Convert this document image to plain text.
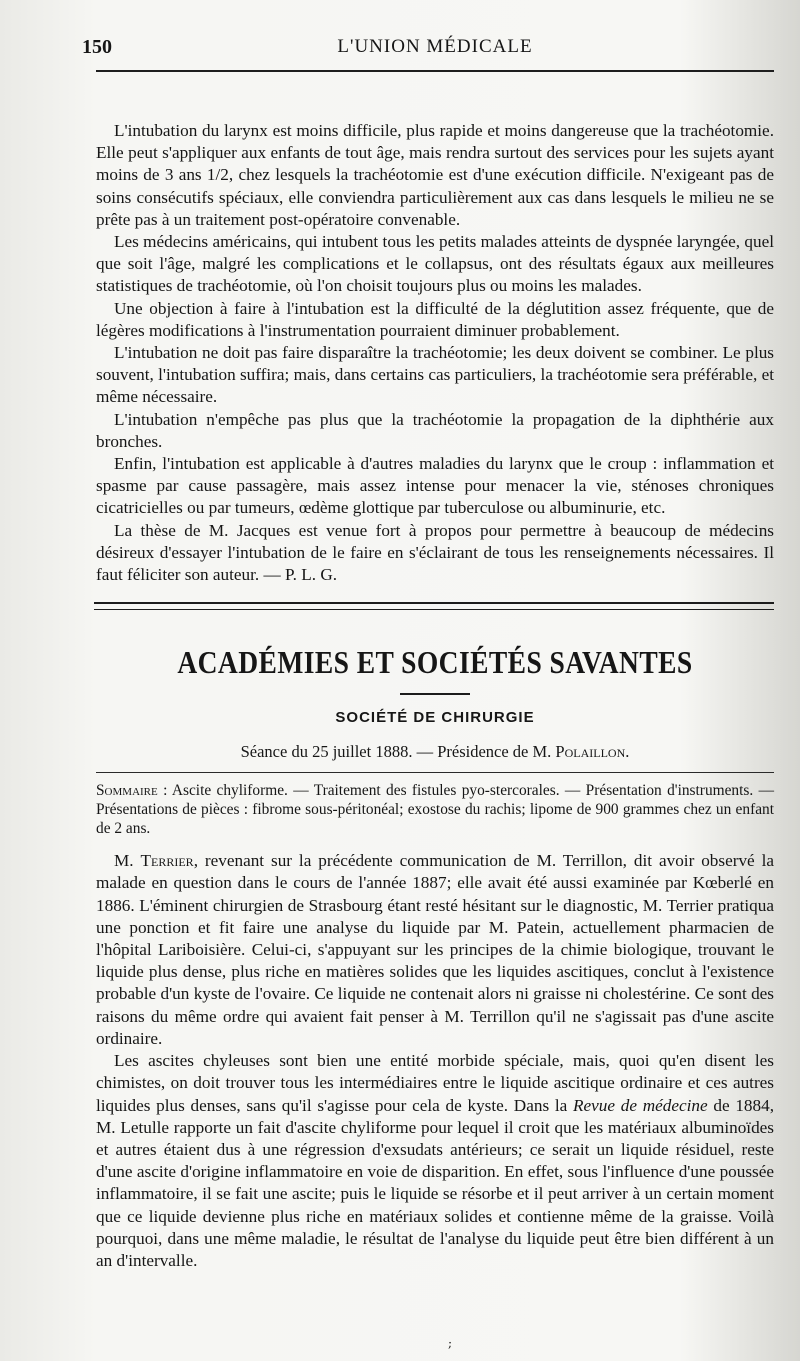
150	L'UNION MÉDICALE

L'intubation du larynx est moins difficile, plus rapide et moins dangereuse que la trachéotomie. Elle peut s'appliquer aux enfants de tout âge, mais rendra surtout des services pour les sujets ayant moins de 3 ans 1/2, chez lesquels la trachéotomie est d'une exécution difficile. N'exigeant pas de soins consécutifs spéciaux, elle conviendra particulièrement aux cas dans lesquels le milieu ne se prête pas à un traitement post-opératoire convenable.

Les médecins américains, qui intubent tous les petits malades atteints de dyspnée laryngée, quel que soit l'âge, malgré les complications et le collapsus, ont des résultats égaux aux meilleures statistiques de trachéotomie, où l'on choisit toujours plus ou moins les malades.

Une objection à faire à l'intubation est la difficulté de la déglutition assez fréquente, que de légères modifications à l'instrumentation pourraient diminuer probablement.

L'intubation ne doit pas faire disparaître la trachéotomie; les deux doivent se combiner. Le plus souvent, l'intubation suffira; mais, dans certains cas particuliers, la trachéotomie sera préférable, et même nécessaire.

L'intubation n'empêche pas plus que la trachéotomie la propagation de la diphthérie aux bronches.

Enfin, l'intubation est applicable à d'autres maladies du larynx que le croup : inflammation et spasme par cause passagère, mais assez intense pour menacer la vie, sténoses chroniques cicatricielles ou par tumeurs, œdème glottique par tuberculose ou albuminurie, etc.

La thèse de M. Jacques est venue fort à propos pour permettre à beaucoup de médecins désireux d'essayer l'intubation de le faire en s'éclairant de tous les renseignements nécessaires. Il faut féliciter son auteur. — P. L. G.

ACADÉMIES ET SOCIÉTÉS SAVANTES
SOCIÉTÉ DE CHIRURGIE
Séance du 25 juillet 1888. — Présidence de M. Polaillon.
Sommaire : Ascite chyliforme. — Traitement des fistules pyo-stercorales. — Présentation d'instruments. — Présentations de pièces : fibrome sous-péritonéal; exostose du rachis; lipome de 900 grammes chez un enfant de 2 ans.

M. Terrier, revenant sur la précédente communication de M. Terrillon, dit avoir observé la malade en question dans le cours de l'année 1887; elle avait été aussi examinée par Kœberlé en 1886. L'éminent chirurgien de Strasbourg étant resté hésitant sur le diagnostic, M. Terrier pratiqua une ponction et fit faire une analyse du liquide par M. Patein, actuellement pharmacien de l'hôpital Lariboisière. Celui-ci, s'appuyant sur les principes de la chimie biologique, trouvant le liquide plus dense, plus riche en matières solides que les liquides ascitiques, conclut à l'existence probable d'un kyste de l'ovaire. Ce liquide ne contenait alors ni graisse ni cholestérine. Ce sont des raisons du même ordre qui avaient fait penser à M. Terrillon qu'il ne s'agissait pas d'une ascite ordinaire.

Les ascites chyleuses sont bien une entité morbide spéciale, mais, quoi qu'en disent les chimistes, on doit trouver tous les intermédiaires entre le liquide ascitique ordinaire et ces autres liquides plus denses, sans qu'il s'agisse pour cela de kyste. Dans la Revue de médecine de 1884, M. Letulle rapporte un fait d'ascite chyliforme pour lequel il croit que les matériaux albuminoïdes et autres étaient dus à une régression d'exsudats antérieurs; ce serait un liquide résiduel, reste d'une ascite d'origine inflammatoire en voie de disparition. En effet, sous l'influence d'une poussée inflammatoire, il se fait une ascite; puis le liquide se résorbe et il peut arriver à un certain moment que ce liquide devienne plus riche en matériaux solides et contienne même de la graisse. Voilà pourquoi, dans une même maladie, le résultat de l'analyse du liquide peut être bien différent à un an d'intervalle.

;
